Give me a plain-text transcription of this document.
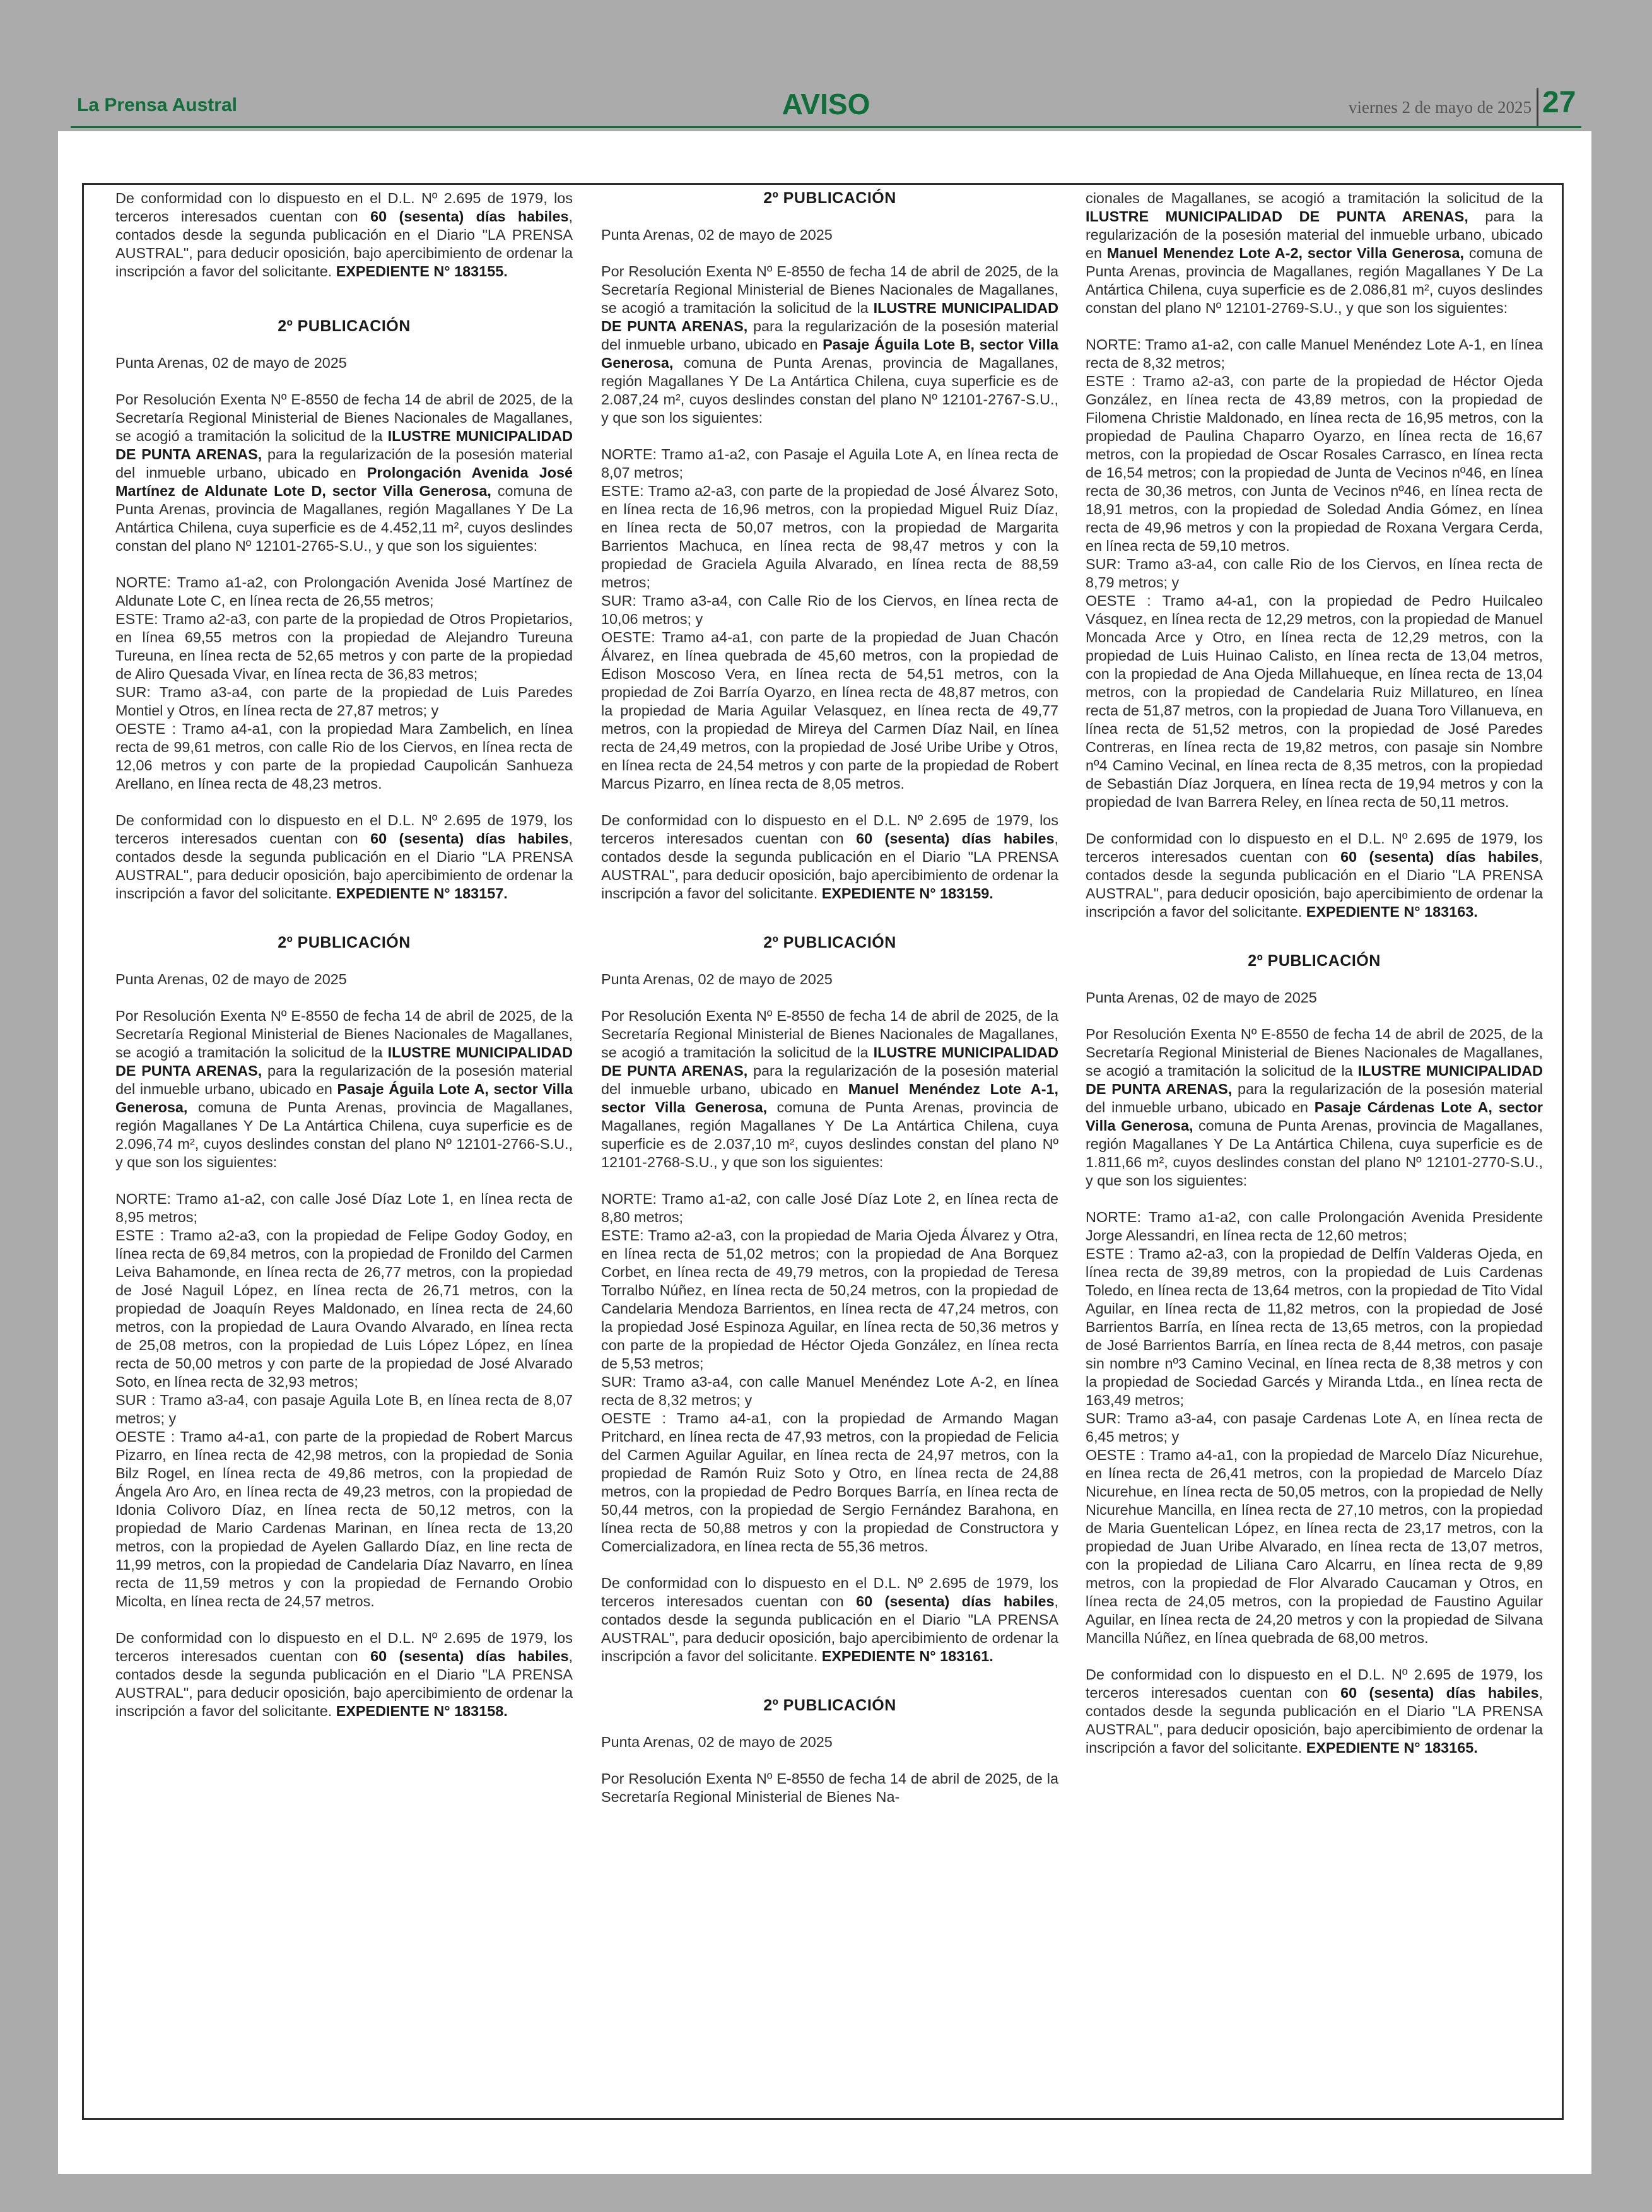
La Prensa Austral	AVISO	viernes 2 de mayo de 2025 27

De conformidad con lo dispuesto en el D.L. Nº 2.695 de 1979, los terceros interesados cuentan con 60 (sesenta) días habiles, contados desde la segunda publicación en el Diario "LA PRENSA AUSTRAL", para deducir oposición, bajo apercibimiento de ordenar la inscripción a favor del solicitante. EXPEDIENTE N° 183155.

2º PUBLICACIÓN

Punta Arenas, 02 de mayo de 2025

Por Resolución Exenta Nº E-8550 de fecha 14 de abril de 2025, de la Secretaría Regional Ministerial de Bienes Nacionales de Magallanes, se acogió a tramitación la solicitud de la ILUSTRE MUNICIPALIDAD DE PUNTA ARENAS, para la regularización de la posesión material del inmueble urbano, ubicado en Prolongación Avenida José Martínez de Aldunate Lote D, sector Villa Generosa, comuna de Punta Arenas, provincia de Magallanes, región Magallanes Y De La Antártica Chilena, cuya superficie es de 4.452,11 m², cuyos deslindes constan del plano Nº 12101-2765-S.U., y que son los siguientes:

NORTE: Tramo a1-a2, con Prolongación Avenida José Martínez de Aldunate Lote C, en línea recta de 26,55 metros;

ESTE: Tramo a2-a3, con parte de la propiedad de Otros Propietarios, en línea 69,55 metros con la propiedad de Alejandro Tureuna Tureuna, en línea recta de 52,65 metros y con parte de la propiedad de Aliro Quesada Vivar, en línea recta de 36,83 metros;

SUR: Tramo a3-a4, con parte de la propiedad de Luis Paredes Montiel y Otros, en línea recta de 27,87 metros; y

OESTE : Tramo a4-a1, con la propiedad Mara Zambelich, en línea recta de 99,61 metros, con calle Rio de los Ciervos, en línea recta de 12,06 metros y con parte de la propiedad Caupolicán Sanhueza Arellano, en línea recta de 48,23 metros.

De conformidad con lo dispuesto en el D.L. Nº 2.695 de 1979, los terceros interesados cuentan con 60 (sesenta) días habiles, contados desde la segunda publicación en el Diario "LA PRENSA AUSTRAL", para deducir oposición, bajo apercibimiento de ordenar la inscripción a favor del solicitante. EXPEDIENTE N° 183157.

2º PUBLICACIÓN

Punta Arenas, 02 de mayo de 2025

Por Resolución Exenta Nº E-8550 de fecha 14 de abril de 2025, de la Secretaría Regional Ministerial de Bienes Nacionales de Magallanes, se acogió a tramitación la solicitud de la ILUSTRE MUNICIPALIDAD DE PUNTA ARENAS, para la regularización de la posesión material del inmueble urbano, ubicado en Pasaje Águila Lote A, sector Villa Generosa, comuna de Punta Arenas, provincia de Magallanes, región Magallanes Y De La Antártica Chilena, cuya superficie es de 2.096,74 m², cuyos deslindes constan del plano Nº 12101-2766-S.U., y que son los siguientes:

NORTE: Tramo a1-a2, con calle José Díaz Lote 1, en línea recta de 8,95 metros;

ESTE : Tramo a2-a3, con la propiedad de Felipe Godoy Godoy, en línea recta de 69,84 metros, con la propiedad de Fronildo del Carmen Leiva Bahamonde, en línea recta de 26,77 metros, con la propiedad de José Naguil López, en línea recta de 26,71 metros, con la propiedad de Joaquín Reyes Maldonado, en línea recta de 24,60 metros, con la propiedad de Laura Ovando Alvarado, en línea recta de 25,08 metros, con la propiedad de Luis López López, en línea recta de 50,00 metros y con parte de la propiedad de José Alvarado Soto, en línea recta de 32,93 metros;

SUR : Tramo a3-a4, con pasaje Aguila Lote B, en línea recta de 8,07 metros; y

OESTE : Tramo a4-a1, con parte de la propiedad de Robert Marcus Pizarro, en línea recta de 42,98 metros, con la propiedad de Sonia Bilz Rogel, en línea recta de 49,86 metros, con la propiedad de Ángela Aro Aro, en línea recta de 49,23 metros, con la propiedad de Idonia Colivoro Díaz, en línea recta de 50,12 metros, con la propiedad de Mario Cardenas Marinan, en línea recta de 13,20 metros, con la propiedad de Ayelen Gallardo Díaz, en line recta de 11,99 metros, con la propiedad de Candelaria Díaz Navarro, en línea recta de 11,59 metros y con la propiedad de Fernando Orobio Micolta, en línea recta de 24,57 metros.

De conformidad con lo dispuesto en el D.L. Nº 2.695 de 1979, los terceros interesados cuentan con 60 (sesenta) días habiles, contados desde la segunda publicación en el Diario "LA PRENSA AUSTRAL", para deducir oposición, bajo apercibimiento de ordenar la inscripción a favor del solicitante. EXPEDIENTE N° 183158.

2º PUBLICACIÓN

Punta Arenas, 02 de mayo de 2025

Por Resolución Exenta Nº E-8550 de fecha 14 de abril de 2025, de la Secretaría Regional Ministerial de Bienes Nacionales de Magallanes, se acogió a tramitación la solicitud de la ILUSTRE MUNICIPALIDAD DE PUNTA ARENAS, para la regularización de la posesión material del inmueble urbano, ubicado en Pasaje Águila Lote B, sector Villa Generosa, comuna de Punta Arenas, provincia de Magallanes, región Magallanes Y De La Antártica Chilena, cuya superficie es de 2.087,24 m², cuyos deslindes constan del plano Nº 12101-2767-S.U., y que son los siguientes:

NORTE: Tramo a1-a2, con Pasaje el Aguila Lote A, en línea recta de 8,07 metros;

ESTE: Tramo a2-a3, con parte de la propiedad de José Álvarez Soto, en línea recta de 16,96 metros, con la propiedad Miguel Ruiz Díaz, en línea recta de 50,07 metros, con la propiedad de Margarita Barrientos Machuca, en línea recta de 98,47 metros y con la propiedad de Graciela Aguila Alvarado, en línea recta de 88,59 metros;

SUR: Tramo a3-a4, con Calle Rio de los Ciervos, en línea recta de 10,06 metros; y

OESTE: Tramo a4-a1, con parte de la propiedad de Juan Chacón Álvarez, en línea quebrada de 45,60 metros, con la propiedad de Edison Moscoso Vera, en línea recta de 54,51 metros, con la propiedad de Zoi Barría Oyarzo, en línea recta de 48,87 metros, con la propiedad de Maria Aguilar Velasquez, en línea recta de 49,77 metros, con la propiedad de Mireya del Carmen Díaz Nail, en línea recta de 24,49 metros, con la propiedad de José Uribe Uribe y Otros, en línea recta de 24,54 metros y con parte de la propiedad de Robert Marcus Pizarro, en línea recta de 8,05 metros.

De conformidad con lo dispuesto en el D.L. Nº 2.695 de 1979, los terceros interesados cuentan con 60 (sesenta) días habiles, contados desde la segunda publicación en el Diario "LA PRENSA AUSTRAL", para deducir oposición, bajo apercibimiento de ordenar la inscripción a favor del solicitante. EXPEDIENTE N° 183159.

2º PUBLICACIÓN

Punta Arenas, 02 de mayo de 2025

Por Resolución Exenta Nº E-8550 de fecha 14 de abril de 2025, de la Secretaría Regional Ministerial de Bienes Nacionales de Magallanes, se acogió a tramitación la solicitud de la ILUSTRE MUNICIPALIDAD DE PUNTA ARENAS, para la regularización de la posesión material del inmueble urbano, ubicado en Manuel Menéndez Lote A-1, sector Villa Generosa, comuna de Punta Arenas, provincia de Magallanes, región Magallanes Y De La Antártica Chilena, cuya superficie es de 2.037,10 m², cuyos deslindes constan del plano Nº 12101-2768-S.U., y que son los siguientes:

NORTE: Tramo a1-a2, con calle José Díaz Lote 2, en línea recta de 8,80 metros;

ESTE: Tramo a2-a3, con la propiedad de Maria Ojeda Álvarez y Otra, en línea recta de 51,02 metros; con la propiedad de Ana Borquez Corbet, en línea recta de 49,79 metros, con la propiedad de Teresa Torralbo Núñez, en línea recta de 50,24 metros, con la propiedad de Candelaria Mendoza Barrientos, en línea recta de 47,24 metros, con la propiedad José Espinoza Aguilar, en línea recta de 50,36 metros y con parte de la propiedad de Héctor Ojeda González, en línea recta de 5,53 metros;

SUR: Tramo a3-a4, con calle Manuel Menéndez Lote A-2, en línea recta de 8,32 metros; y

OESTE : Tramo a4-a1, con la propiedad de Armando Magan Pritchard, en línea recta de 47,93 metros, con la propiedad de Felicia del Carmen Aguilar Aguilar, en línea recta de 24,97 metros, con la propiedad de Ramón Ruiz Soto y Otro, en línea recta de 24,88 metros, con la propiedad de Pedro Borques Barría, en línea recta de 50,44 metros, con la propiedad de Sergio Fernández Barahona, en línea recta de 50,88 metros y con la propiedad de Constructora y Comercializadora, en línea recta de 55,36 metros.

De conformidad con lo dispuesto en el D.L. Nº 2.695 de 1979, los terceros interesados cuentan con 60 (sesenta) días habiles, contados desde la segunda publicación en el Diario "LA PRENSA AUSTRAL", para deducir oposición, bajo apercibimiento de ordenar la inscripción a favor del solicitante. EXPEDIENTE N° 183161.

2º PUBLICACIÓN

Punta Arenas, 02 de mayo de 2025

Por Resolución Exenta Nº E-8550 de fecha 14 de abril de 2025, de la Secretaría Regional Ministerial de Bienes Na-

cionales de Magallanes, se acogió a tramitación la solicitud de la ILUSTRE MUNICIPALIDAD DE PUNTA ARENAS, para la regularización de la posesión material del inmueble urbano, ubicado en Manuel Menendez Lote A-2, sector Villa Generosa, comuna de Punta Arenas, provincia de Magallanes, región Magallanes Y De La Antártica Chilena, cuya superficie es de 2.086,81 m², cuyos deslindes constan del plano Nº 12101-2769-S.U., y que son los siguientes:

NORTE: Tramo a1-a2, con calle Manuel Menéndez Lote A-1, en línea recta de 8,32 metros;

ESTE : Tramo a2-a3, con parte de la propiedad de Héctor Ojeda González, en línea recta de 43,89 metros, con la propiedad de Filomena Christie Maldonado, en línea recta de 16,95 metros, con la propiedad de Paulina Chaparro Oyarzo, en línea recta de 16,67 metros, con la propiedad de Oscar Rosales Carrasco, en línea recta de 16,54 metros; con la propiedad de Junta de Vecinos nº46, en línea recta de 30,36 metros, con Junta de Vecinos nº46, en línea recta de 18,91 metros, con la propiedad de Soledad Andia Gómez, en línea recta de 49,96 metros y con la propiedad de Roxana Vergara Cerda, en línea recta de 59,10 metros.

SUR: Tramo a3-a4, con calle Rio de los Ciervos, en línea recta de 8,79 metros; y

OESTE : Tramo a4-a1, con la propiedad de Pedro Huilcaleo Vásquez, en línea recta de 12,29 metros, con la propiedad de Manuel Moncada Arce y Otro, en línea recta de 12,29 metros, con la propiedad de Luis Huinao Calisto, en línea recta de 13,04 metros, con la propiedad de Ana Ojeda Millahueque, en línea recta de 13,04 metros, con la propiedad de Candelaria Ruiz Millatureo, en línea recta de 51,87 metros, con la propiedad de Juana Toro Villanueva, en línea recta de 51,52 metros, con la propiedad de José Paredes Contreras, en línea recta de 19,82 metros, con pasaje sin Nombre nº4 Camino Vecinal, en línea recta de 8,35 metros, con la propiedad de Sebastián Díaz Jorquera, en línea recta de 19,94 metros y con la propiedad de Ivan Barrera Reley, en línea recta de 50,11 metros.

De conformidad con lo dispuesto en el D.L. Nº 2.695 de 1979, los terceros interesados cuentan con 60 (sesenta) días habiles, contados desde la segunda publicación en el Diario "LA PRENSA AUSTRAL", para deducir oposición, bajo apercibimiento de ordenar la inscripción a favor del solicitante. EXPEDIENTE N° 183163.

2º PUBLICACIÓN

Punta Arenas, 02 de mayo de 2025

Por Resolución Exenta Nº E-8550 de fecha 14 de abril de 2025, de la Secretaría Regional Ministerial de Bienes Nacionales de Magallanes, se acogió a tramitación la solicitud de la ILUSTRE MUNICIPALIDAD DE PUNTA ARENAS, para la regularización de la posesión material del inmueble urbano, ubicado en Pasaje Cárdenas Lote A, sector Villa Generosa, comuna de Punta Arenas, provincia de Magallanes, región Magallanes Y De La Antártica Chilena, cuya superficie es de 1.811,66 m², cuyos deslindes constan del plano Nº 12101-2770-S.U., y que son los siguientes:

NORTE: Tramo a1-a2, con calle Prolongación Avenida Presidente Jorge Alessandri, en línea recta de 12,60 metros;

ESTE : Tramo a2-a3, con la propiedad de Delfín Valderas Ojeda, en línea recta de 39,89 metros, con la propiedad de Luis Cardenas Toledo, en línea recta de 13,64 metros, con la propiedad de Tito Vidal Aguilar, en línea recta de 11,82 metros, con la propiedad de José Barrientos Barría, en línea recta de 13,65 metros, con la propiedad de José Barrientos Barría, en línea recta de 8,44 metros, con pasaje sin nombre nº3 Camino Vecinal, en línea recta de 8,38 metros y con la propiedad de Sociedad Garcés y Miranda Ltda., en línea recta de 163,49 metros;

SUR: Tramo a3-a4, con pasaje Cardenas Lote A, en línea recta de 6,45 metros; y

OESTE : Tramo a4-a1, con la propiedad de Marcelo Díaz Nicurehue, en línea recta de 26,41 metros, con la propiedad de Marcelo Díaz Nicurehue, en línea recta de 50,05 metros, con la propiedad de Nelly Nicurehue Mancilla, en línea recta de 27,10 metros, con la propiedad de Maria Guentelican López, en línea recta de 23,17 metros, con la propiedad de Juan Uribe Alvarado, en línea recta de 13,07 metros, con la propiedad de Liliana Caro Alcarru, en línea recta de 9,89 metros, con la propiedad de Flor Alvarado Caucaman y Otros, en línea recta de 24,05 metros, con la propiedad de Faustino Aguilar Aguilar, en línea recta de 24,20 metros y con la propiedad de Silvana Mancilla Núñez, en línea quebrada de 68,00 metros.

De conformidad con lo dispuesto en el D.L. Nº 2.695 de 1979, los terceros interesados cuentan con 60 (sesenta) días habiles, contados desde la segunda publicación en el Diario "LA PRENSA AUSTRAL", para deducir oposición, bajo apercibimiento de ordenar la inscripción a favor del solicitante. EXPEDIENTE N° 183165.
